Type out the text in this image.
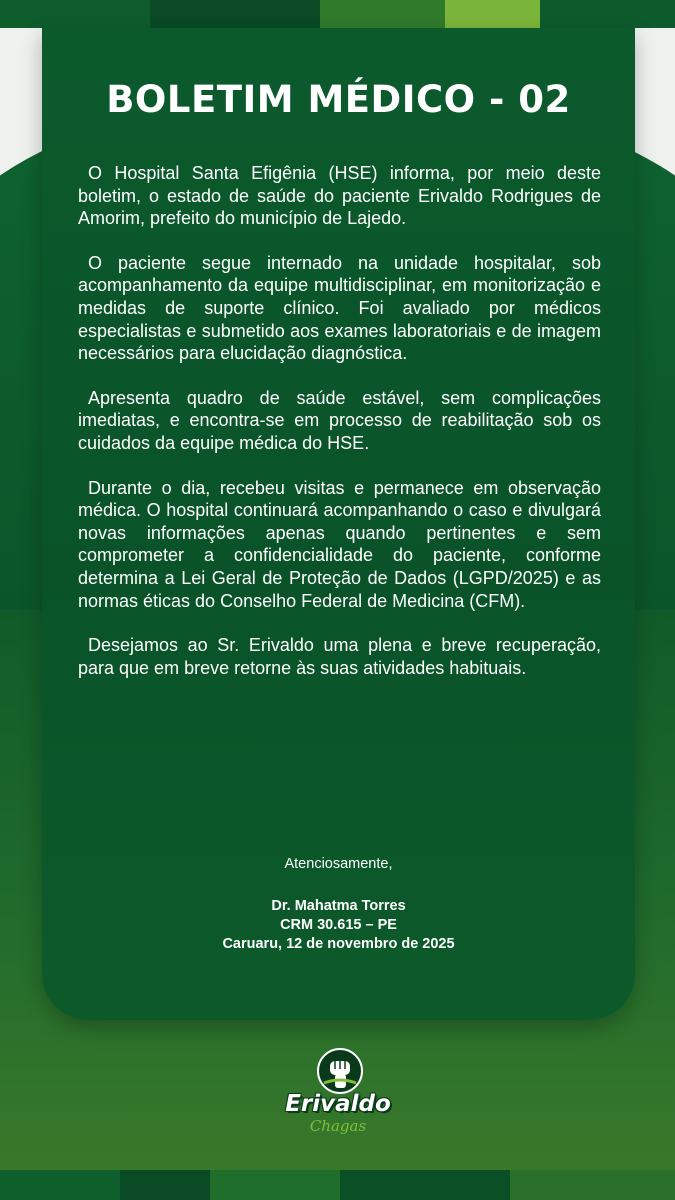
BOLETIM MÉDICO - 02

O Hospital Santa Efigênia (HSE) informa, por meio deste boletim, o estado de saúde do paciente Erivaldo Rodrigues de Amorim, prefeito do município de Lajedo.

O paciente segue internado na unidade hospitalar, sob acompanhamento da equipe multidisciplinar, em monitorização e medidas de suporte clínico. Foi avaliado por médicos especialistas e submetido aos exames laboratoriais e de imagem necessários para elucidação diagnóstica.

Apresenta quadro de saúde estável, sem complicações imediatas, e encontra-se em processo de reabilitação sob os cuidados da equipe médica do HSE.

Durante o dia, recebeu visitas e permanece em observação médica. O hospital continuará acompanhando o caso e divulgará novas informações apenas quando pertinentes e sem comprometer a confidencialidade do paciente, conforme determina a Lei Geral de Proteção de Dados (LGPD/2025) e as normas éticas do Conselho Federal de Medicina (CFM).

Desejamos ao Sr. Erivaldo uma plena e breve recuperação, para que em breve retorne às suas atividades habituais.

Atenciosamente,
Dr. Mahatma Torres
CRM 30.615 – PE
Caruaru, 12 de novembro de 2025
Erivaldo
Chagas
